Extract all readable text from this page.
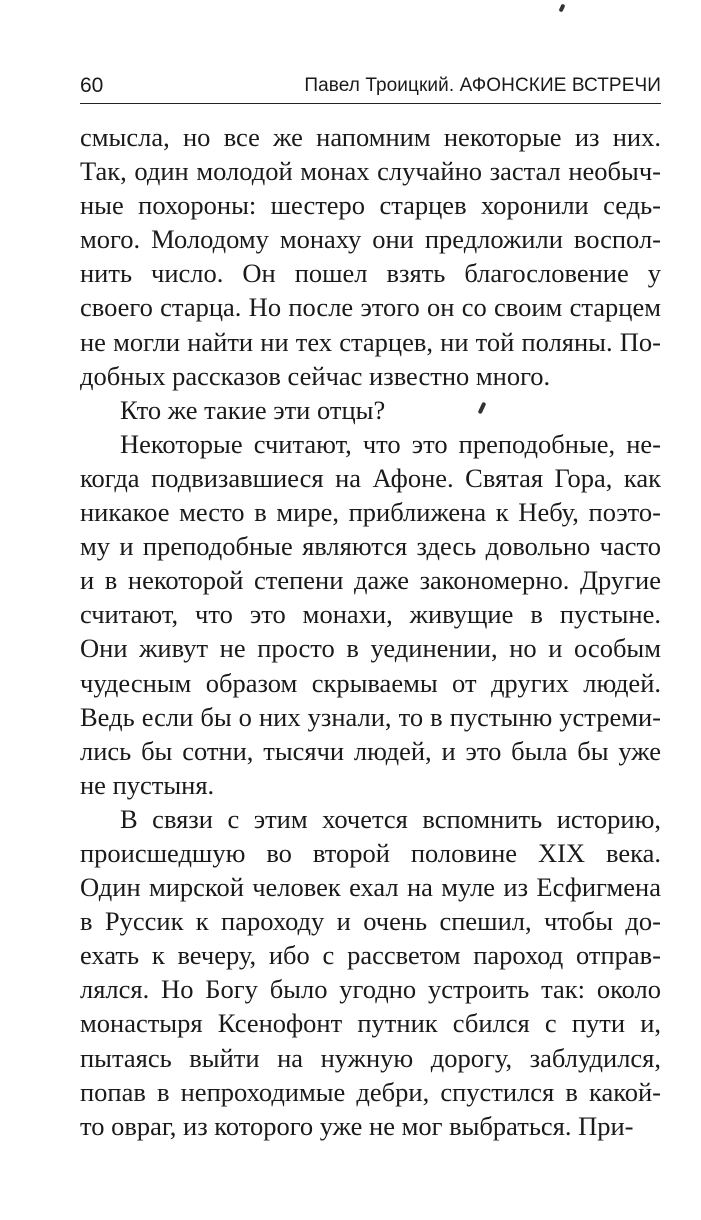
60	Павел Троицкий. АФОНСКИЕ ВСТРЕЧИ
смысла, но все же напомним некоторые из них.
Так, один молодой монах случайно застал необыч-
ные похороны: шестеро старцев хоронили седь-
мого. Молодому монаху они предложили воспол-
нить число. Он пошел взять благословение у
своего старца. Но после этого он со своим старцем
не могли найти ни тех старцев, ни той поляны. По-
добных рассказов сейчас известно много.
Кто же такие эти отцы?
Некоторые считают, что это преподобные, не-
когда подвизавшиеся на Афоне. Святая Гора, как
никакое место в мире, приближена к Небу, поэто-
му и преподобные являются здесь довольно часто
и в некоторой степени даже закономерно. Другие
считают, что это монахи, живущие в пустыне.
Они живут не просто в уединении, но и особым
чудесным образом скрываемы от других людей.
Ведь если бы о них узнали, то в пустыню устреми-
лись бы сотни, тысячи людей, и это была бы уже
не пустыня.
В связи с этим хочется вспомнить историю,
происшедшую во второй половине XIX века.
Один мирской человек ехал на муле из Есфигмена
в Руссик к пароходу и очень спешил, чтобы до-
ехать к вечеру, ибо с рассветом пароход отправ-
лялся. Но Богу было угодно устроить так: около
монастыря Ксенофонт путник сбился с пути и,
пытаясь выйти на нужную дорогу, заблудился,
попав в непроходимые дебри, спустился в какой-
то овраг, из которого уже не мог выбраться. При-
